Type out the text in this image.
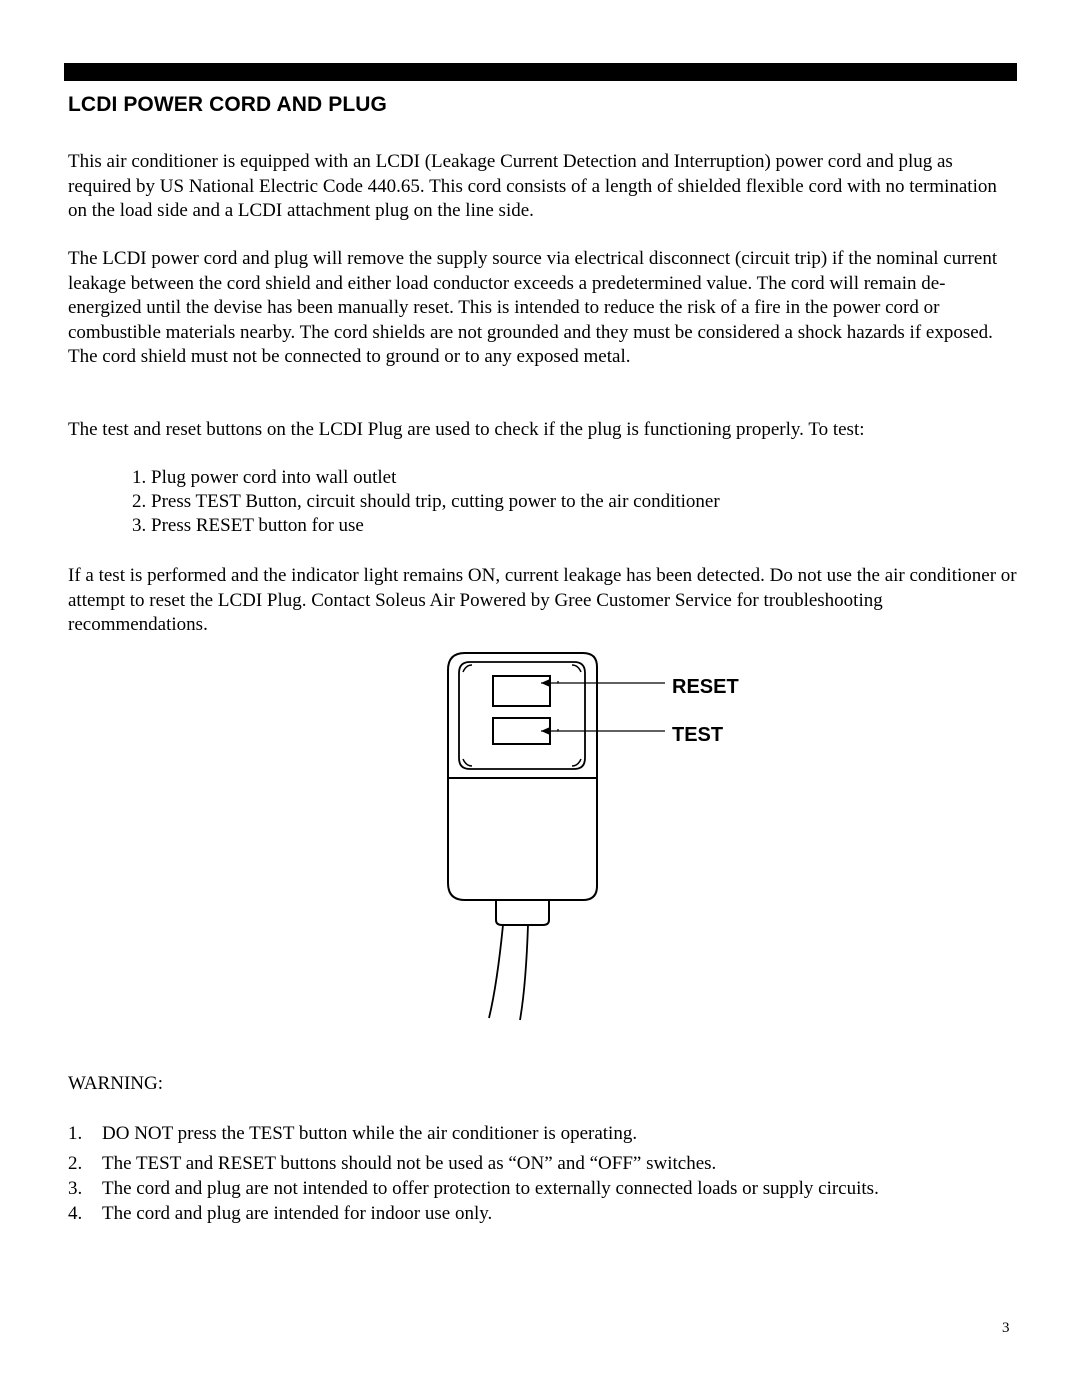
LCDI POWER CORD AND PLUG
This air conditioner is equipped with an LCDI (Leakage Current Detection and Interruption) power cord and plug as required by US National Electric Code 440.65. This cord consists of a length of shielded flexible cord with no termination on the load side and a LCDI attachment plug on the line side.
The LCDI power cord and plug will remove the supply source via electrical disconnect (circuit trip) if the nominal current leakage between the cord shield and either load conductor exceeds a predetermined value. The cord will remain de-energized until the devise has been manually reset. This is intended to reduce the risk of a fire in the power cord or combustible materials nearby. The cord shields are not grounded and they must be considered a shock hazards if exposed. The cord shield must not be connected to ground or to any exposed metal.
The test and reset buttons on the LCDI Plug are used to check if the plug is functioning properly. To test:
1. Plug power cord into wall outlet
2. Press TEST Button, circuit should trip, cutting power to the air conditioner
3. Press RESET button for use
If a test is performed and the indicator light remains ON, current leakage has been detected. Do not use the air conditioner or attempt to reset the LCDI Plug. Contact Soleus Air Powered by Gree Customer Service for troubleshooting recommendations.
RESET
TEST
WARNING:
1.	DO NOT press the TEST button while the air conditioner is operating.
2.	The TEST and RESET buttons should not be used as “ON” and “OFF” switches.
3.	The cord and plug are not intended to offer protection to externally connected loads or supply circuits.
4.	The cord and plug are intended for indoor use only.
3
